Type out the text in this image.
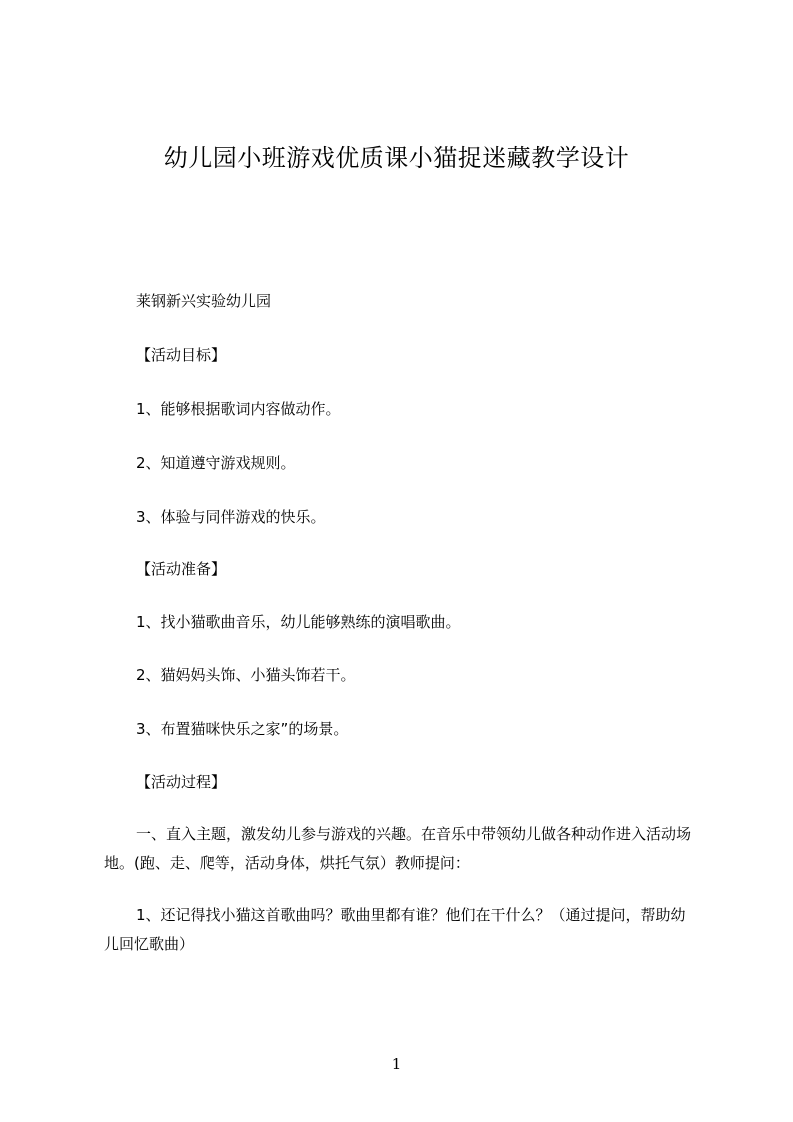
幼儿园小班游戏优质课小猫捉迷藏教学设计
莱钢新兴实验幼儿园
【活动目标】
1、能够根据歌词内容做动作。
2、知道遵守游戏规则。
3、体验与同伴游戏的快乐。
【活动准备】
1、找小猫歌曲音乐，幼儿能够熟练的演唱歌曲。
2、猫妈妈头饰、小猫头饰若干。
3、布置猫咪快乐之家”的场景。
【活动过程】
一、直入主题，激发幼儿参与游戏的兴趣。在音乐中带领幼儿做各种动作进入活动场地。(跑、走、爬等，活动身体，烘托气氛）教师提问：
1、还记得找小猫这首歌曲吗？歌曲里都有谁？他们在干什么？（通过提问，帮助幼儿回忆歌曲）
1
